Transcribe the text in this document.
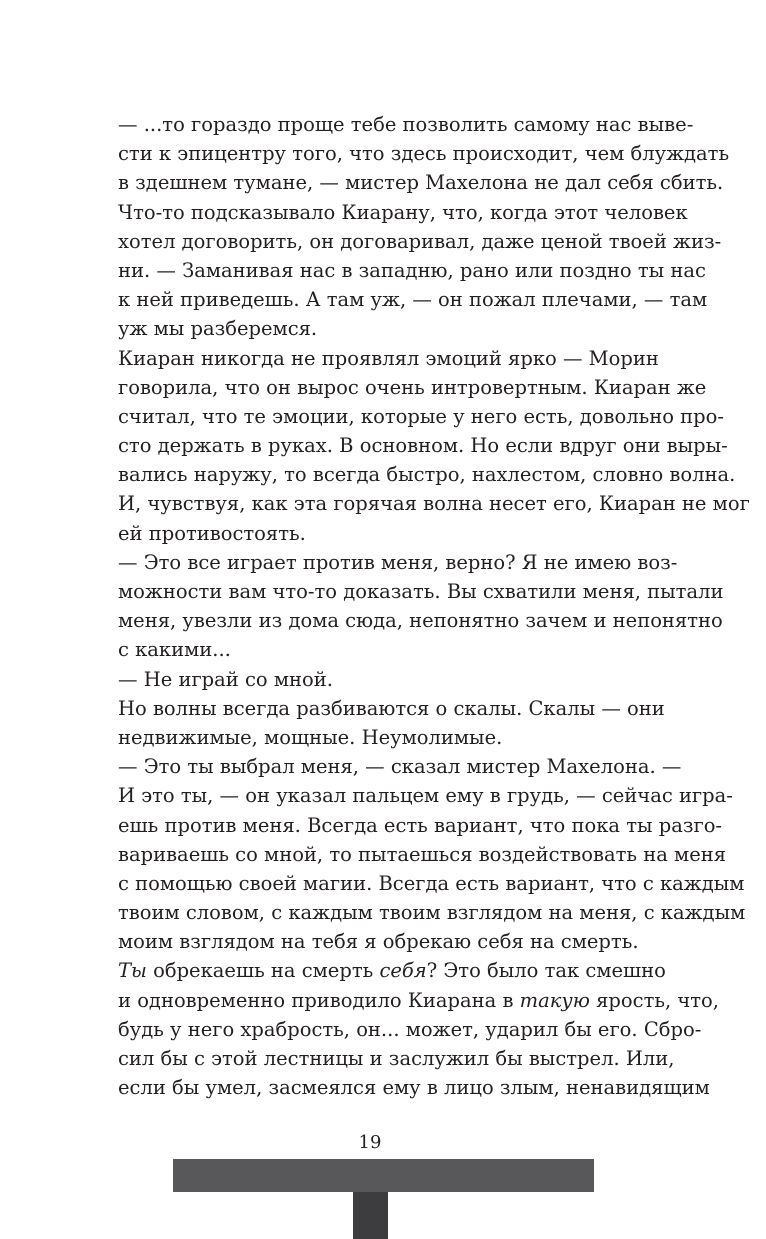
— ...то гораздо проще тебе позволить самому нас выве-
сти к эпицентру того, что здесь происходит, чем блуждать
в здешнем тумане, — мистер Махелона не дал себя сбить.
Что-то подсказывало Киарану, что, когда этот человек
хотел договорить, он договаривал, даже ценой твоей жиз-
ни. — Заманивая нас в западню, рано или поздно ты нас
к ней приведешь. А там уж, — он пожал плечами, — там
уж мы разберемся.
Киаран никогда не проявлял эмоций ярко — Морин
говорила, что он вырос очень интровертным. Киаран же
считал, что те эмоции, которые у него есть, довольно про-
сто держать в руках. В основном. Но если вдруг они выры-
вались наружу, то всегда быстро, нахлестом, словно волна.
И, чувствуя, как эта горячая волна несет его, Киаран не мог
ей противостоять.
— Это все играет против меня, верно? Я не имею воз-
можности вам что-то доказать. Вы схватили меня, пытали
меня, увезли из дома сюда, непонятно зачем и непонятно
с какими...
— Не играй со мной.
Но волны всегда разбиваются о скалы. Скалы — они
недвижимые, мощные. Неумолимые.
— Это ты выбрал меня, — сказал мистер Махелона. —
И это ты, — он указал пальцем ему в грудь, — сейчас игра-
ешь против меня. Всегда есть вариант, что пока ты разго-
вариваешь со мной, то пытаешься воздействовать на меня
с помощью своей магии. Всегда есть вариант, что с каждым
твоим словом, с каждым твоим взглядом на меня, с каждым
моим взглядом на тебя я обрекаю себя на смерть.
Ты обрекаешь на смерть себя? Это было так смешно
и одновременно приводило Киарана в такую ярость, что,
будь у него храбрость, он... может, ударил бы его. Сбро-
сил бы с этой лестницы и заслужил бы выстрел. Или,
если бы умел, засмеялся ему в лицо злым, ненавидящим
19
